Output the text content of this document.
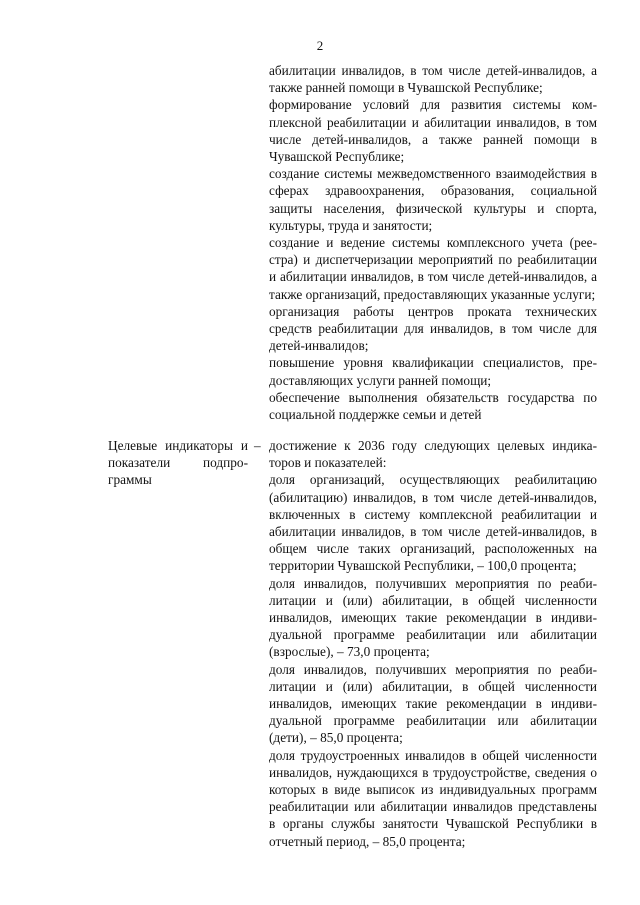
2

абилитации инвалидов, в том числе детей-инвалидов, а также ранней помощи в Чувашской Республике;

формирование условий для развития системы комплексной реабилитации и абилитации инвалидов, в том числе детей-инвалидов, а также ранней помощи в Чувашской Республике;

создание системы межведомственного взаимодействия в сферах здравоохранения, образования, социальной защиты населения, физической культуры и спорта, культуры, труда и занятости;

создание и ведение системы комплексного учета (реестра) и диспетчеризации мероприятий по реабилитации и абилитации инвалидов, в том числе детей-инвалидов, а также организаций, предоставляющих указанные услуги;

организация работы центров проката технических средств реабилитации для инвалидов, в том числе для детей-инвалидов;

повышение уровня квалификации специалистов, предоставляющих услуги ранней помощи;

обеспечение выполнения обязательств государства по социальной поддержке семьи и детей

Целевые индикаторы и показатели подпрограммы
– достижение к 2036 году следующих целевых индикаторов и показателей:

доля организаций, осуществляющих реабилитацию (абилитацию) инвалидов, в том числе детей-инвалидов, включенных в систему комплексной реабилитации и абилитации инвалидов, в том числе детей-инвалидов, в общем числе таких организаций, расположенных на территории Чувашской Республики, – 100,0 процента;

доля инвалидов, получивших мероприятия по реабилитации и (или) абилитации, в общей численности инвалидов, имеющих такие рекомендации в индивидуальной программе реабилитации или абилитации (взрослые), – 73,0 процента;

доля инвалидов, получивших мероприятия по реабилитации и (или) абилитации, в общей численности инвалидов, имеющих такие рекомендации в индивидуальной программе реабилитации или абилитации (дети), – 85,0 процента;

доля трудоустроенных инвалидов в общей численности инвалидов, нуждающихся в трудоустройстве, сведения о которых в виде выписок из индивидуальных программ реабилитации или абилитации инвалидов представлены в органы службы занятости Чувашской Республики в отчетный период, – 85,0 процента;
